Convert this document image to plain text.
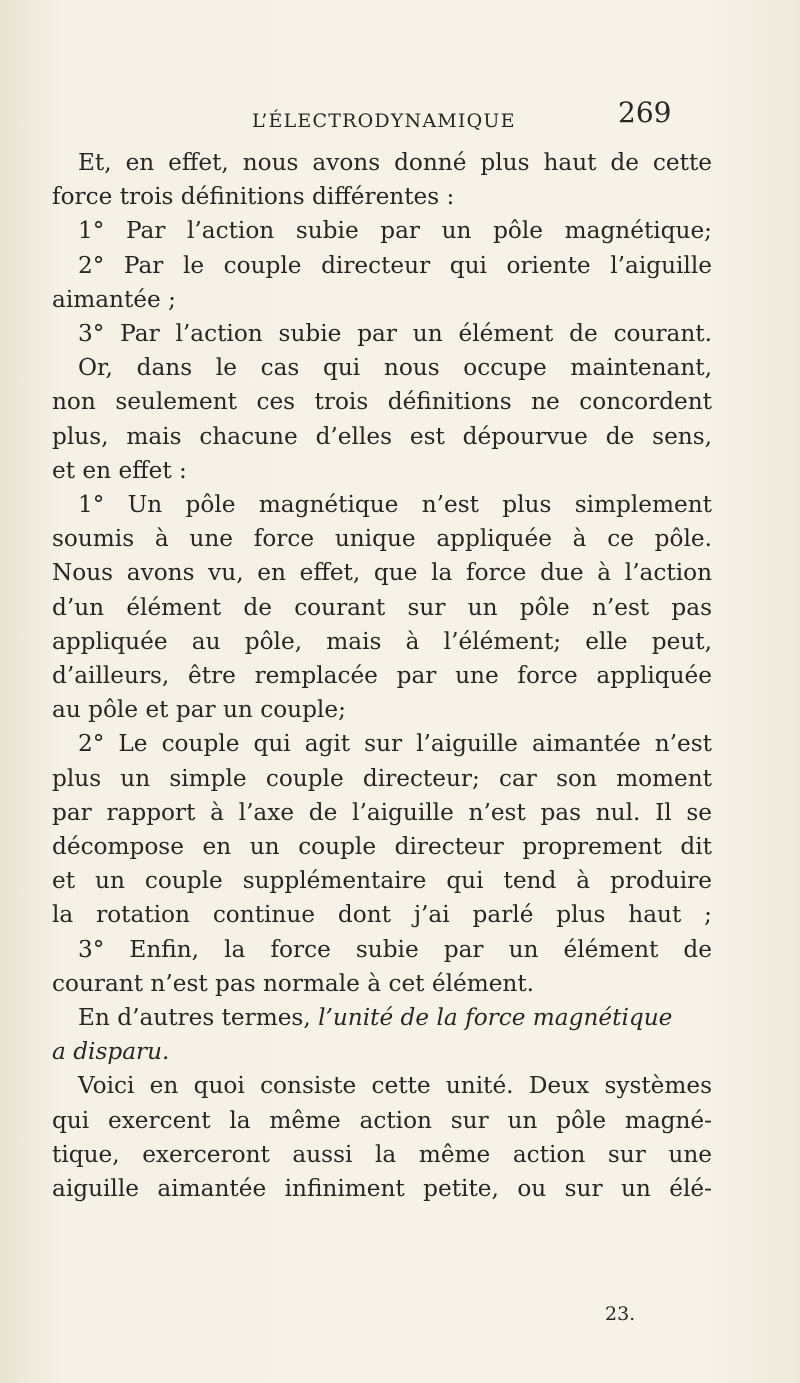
L’ÉLECTRODYNAMIQUE	269
Et, en effet, nous avons donné plus haut de cette
force trois définitions différentes :
1° Par l’action subie par un pôle magnétique;
2° Par le couple directeur qui oriente l’aiguille
aimantée ;
3° Par l’action subie par un élément de courant.
Or, dans le cas qui nous occupe maintenant,
non seulement ces trois définitions ne concordent
plus, mais chacune d’elles est dépourvue de sens,
et en effet :
1° Un pôle magnétique n’est plus simplement
soumis à une force unique appliquée à ce pôle.
Nous avons vu, en effet, que la force due à l’action
d’un élément de courant sur un pôle n’est pas
appliquée au pôle, mais à l’élément; elle peut,
d’ailleurs, être remplacée par une force appliquée
au pôle et par un couple;
2° Le couple qui agit sur l’aiguille aimantée n’est
plus un simple couple directeur; car son moment
par rapport à l’axe de l’aiguille n’est pas nul. Il se
décompose en un couple directeur proprement dit
et un couple supplémentaire qui tend à produire
la rotation continue dont j’ai parlé plus haut ;
3° Enfin, la force subie par un élément de
courant n’est pas normale à cet élément.
En d’autres termes, l’unité de la force magnétique
a disparu.
Voici en quoi consiste cette unité. Deux systèmes
qui exercent la même action sur un pôle magné-
tique, exerceront aussi la même action sur une
aiguille aimantée infiniment petite, ou sur un élé-
23.
